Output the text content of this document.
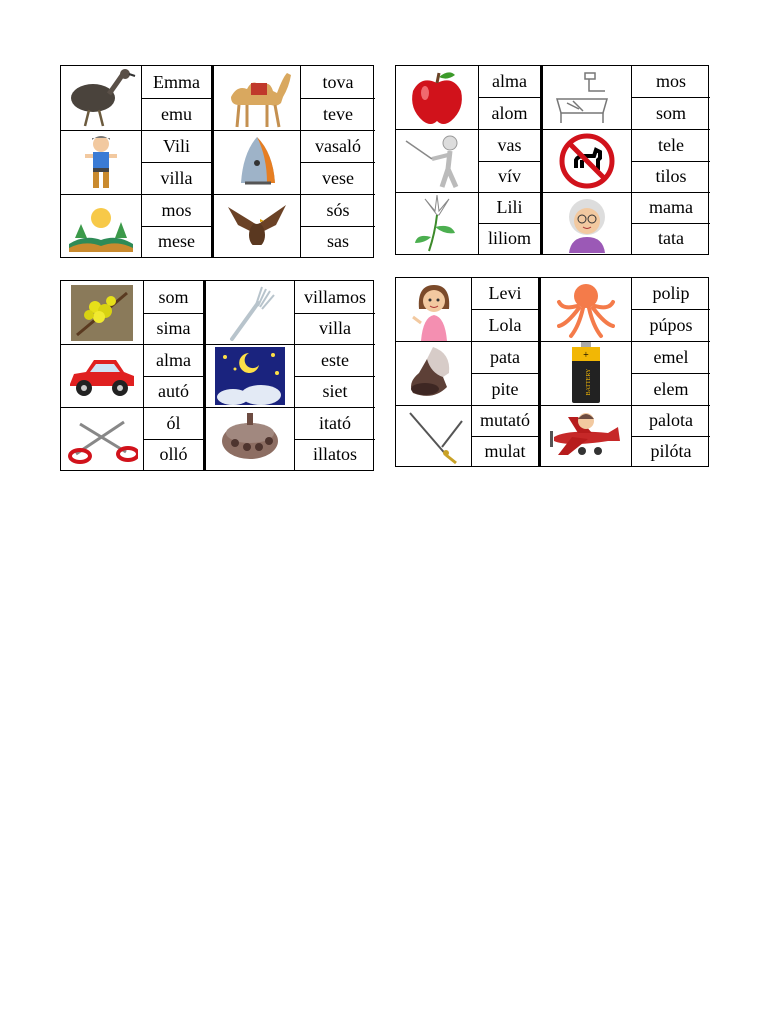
Emma
emu
tova
teve
Vili
villa
vasaló
vese
mos
mese
sós
sas
alma
alom
mos
som
vas
vív
tele
tilos
Lili
liliom
mama
tata
som
sima
villamos
villa
alma
autó
este
siet
ól
olló
itató
illatos
Levi
Lola
polip
púpos
pata
pite
+
BATTERY
emel
elem
mutató
mulat
palota
pilóta
